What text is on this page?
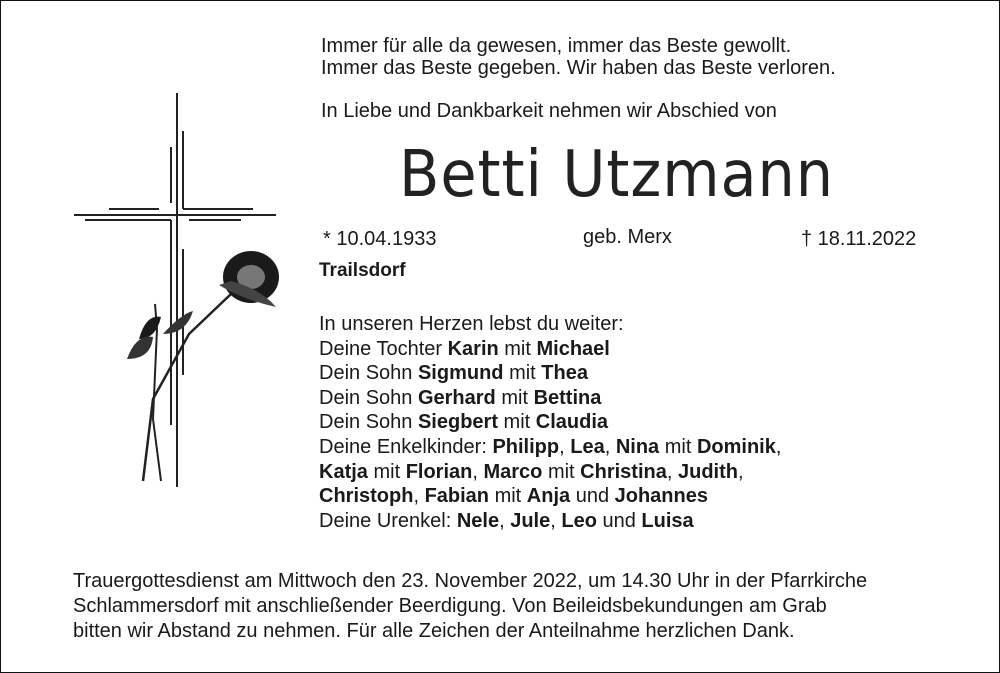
Immer für alle da gewesen, immer das Beste gewollt.
Immer das Beste gegeben. Wir haben das Beste verloren.
In Liebe und Dankbarkeit nehmen wir Abschied von
Betti Utzmann
* 10.04.1933	geb. Merx	† 18.11.2022
Trailsdorf
In unseren Herzen lebst du weiter:
Deine Tochter Karin mit Michael
Dein Sohn Sigmund mit Thea
Dein Sohn Gerhard mit Bettina
Dein Sohn Siegbert mit Claudia
Deine Enkelkinder: Philipp, Lea, Nina mit Dominik,
Katja mit Florian, Marco mit Christina, Judith,
Christoph, Fabian mit Anja und Johannes
Deine Urenkel: Nele, Jule, Leo und Luisa
Trauergottesdienst am Mittwoch den 23. November 2022, um 14.30 Uhr in der Pfarrkirche
Schlammersdorf mit anschließender Beerdigung. Von Beileidsbekundungen am Grab
bitten wir Abstand zu nehmen. Für alle Zeichen der Anteilnahme herzlichen Dank.
